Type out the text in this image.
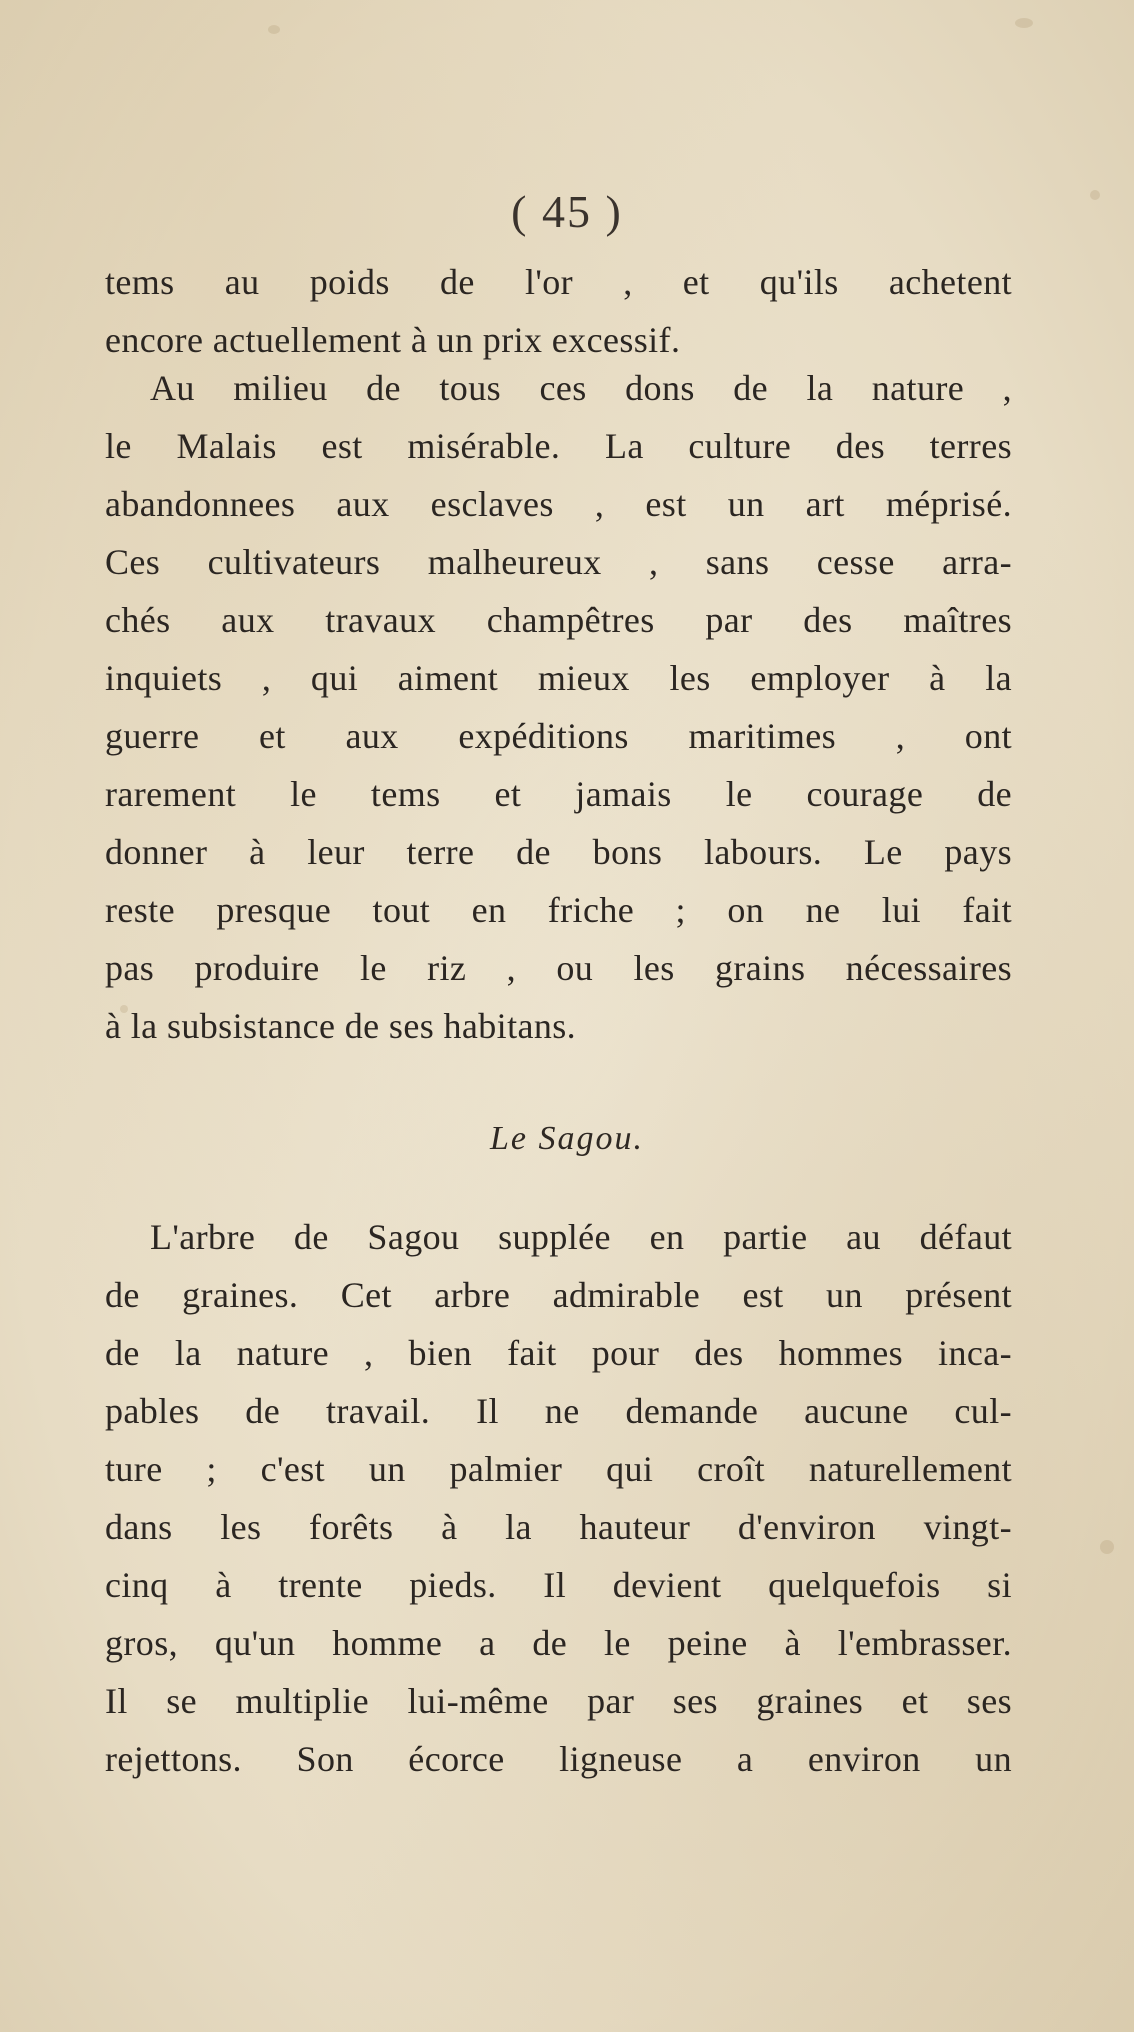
( 45 )
tems au poids de l'or , et qu'ils achetent
encore actuellement à un prix excessif.
Au milieu de tous ces dons de la nature ,
le Malais est misérable. La culture des terres
abandonnees aux esclaves , est un art méprisé.
Ces cultivateurs malheureux , sans cesse arra-
chés aux travaux champêtres par des maîtres
inquiets , qui aiment mieux les employer à la
guerre et aux expéditions maritimes , ont
rarement le tems et jamais le courage de
donner à leur terre de bons labours. Le pays
reste presque tout en friche ; on ne lui fait
pas produire le riz , ou les grains nécessaires
à la subsistance de ses habitans.
Le Sagou.
L'arbre de Sagou supplée en partie au défaut
de graines. Cet arbre admirable est un présent
de la nature , bien fait pour des hommes inca-
pables de travail. Il ne demande aucune cul-
ture ; c'est un palmier qui croît naturellement
dans les forêts à la hauteur d'environ vingt-
cinq à trente pieds. Il devient quelquefois si
gros, qu'un homme a de le peine à l'embrasser.
Il se multiplie lui-même par ses graines et ses
rejettons. Son écorce ligneuse a environ un
